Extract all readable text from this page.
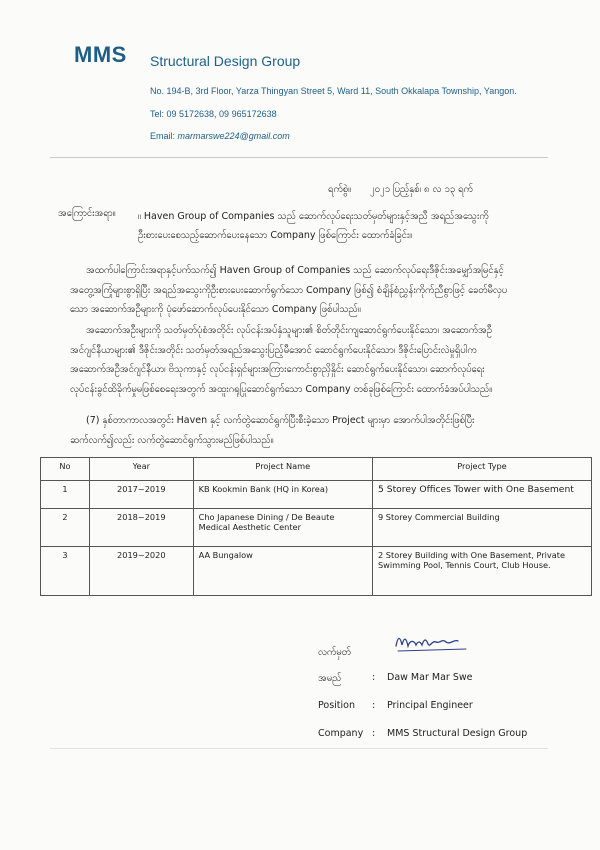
MMS Structural Design Group
No. 194-B, 3rd Floor, Yarza Thingyan Street 5, Ward 11, South Okkalapa Township, Yangon.
Tel: 09 5172638, 09 965172638
Email: marmarswe224@gmail.com
ရက်စွဲ။ ၂၀၂၁ ပြည့်နှစ်၊ ၈ လ ၁၃ ရက်
အကြောင်းအရာ။ ။ Haven Group of Companies သည် ဆောက်လုပ်ရေးသတ်မှတ်များနှင့်အညီ အရည်အသွေးကို ဦးစားပေးစေသည့်ဆောက်ပေးနေသော Company ဖြစ်ကြောင်း ထောက်ခံခြင်း။
အထက်ပါကြောင်းအရာနှင့်ပက်သက်၍ Haven Group of Companies သည် ဆောက်လုပ်ရေးဒီဇိုင်းအမျှော်အမြင်နှင့် အတွေ့အကြုံများစွာရှိပြီး အရည်အသွေးကိုဦးစားပေးဆောက်ရွက်သော Company ဖြစ်၍ စံချိန်စံညွှန်းကိုက်ညီစွာဖြင့် ခေတ်မီလှပသော အဆောက်အဦများကို ပုံဖော်ဆောက်လုပ်ပေးနိုင်သော Company ဖြစ်ပါသည်။
အဆောက်အဦးများကို သတ်မှတ်ပုံစံအတိုင်း လုပ်ငန်းအပ်နှံသူများ၏ စိတ်တိုင်းကျဆောင်ရွက်ပေးနိုင်သော၊ အဆောက်အဦ အင်ဂျင်နီယာများ၏ ဒီဇိုင်းအတိုင်း သတ်မှတ်အရည်အသွေးပြည့်မီအောင် ဆောင်ရွက်ပေးနိုင်သော၊ ဒီဇိုင်းပြောင်းလဲမှုရှိပါက အဆောက်အဦအင်ဂျင်နီယာ၊ ဗိသုကာနှင့် လုပ်ငန်းရှင်များအကြားကောင်းစွာညှိနှိုင်း ဆောင်ရွက်ပေးနိုင်သော၊ ဆောက်လုပ်ရေး လုပ်ငန်းခွင်ထိခိုက်မှုမဖြစ်စေရေးအတွက် အထူးဂရုပြုဆောင်ရွက်သော Company တစ်ခုဖြစ်ကြောင်း ထောက်ခံအပ်ပါသည်။
(7) နှစ်တာကာလအတွင်း Haven နှင့် လက်တွဲဆောင်ရွက်ပြီးစီးခဲ့သော Project များမှာ အောက်ပါအတိုင်းဖြစ်ပြီး ဆက်လက်၍လည်း လက်တွဲဆောင်ရွက်သွားမည်ဖြစ်ပါသည်။
No	Year	Project Name	Project Type
1	2017~2019	KB Kookmin Bank (HQ in Korea)	5 Storey Offices Tower with One Basement
2	2018~2019	Cho Japanese Dining / De Beaute Medical Aesthetic Center	9 Storey Commercial Building
3	2019~2020	AA Bungalow	2 Storey Building with One Basement, Private Swimming Pool, Tennis Court, Club House.
လက်မှတ်
အမည်	: Daw Mar Mar Swe
Position : Principal Engineer
Company : MMS Structural Design Group
